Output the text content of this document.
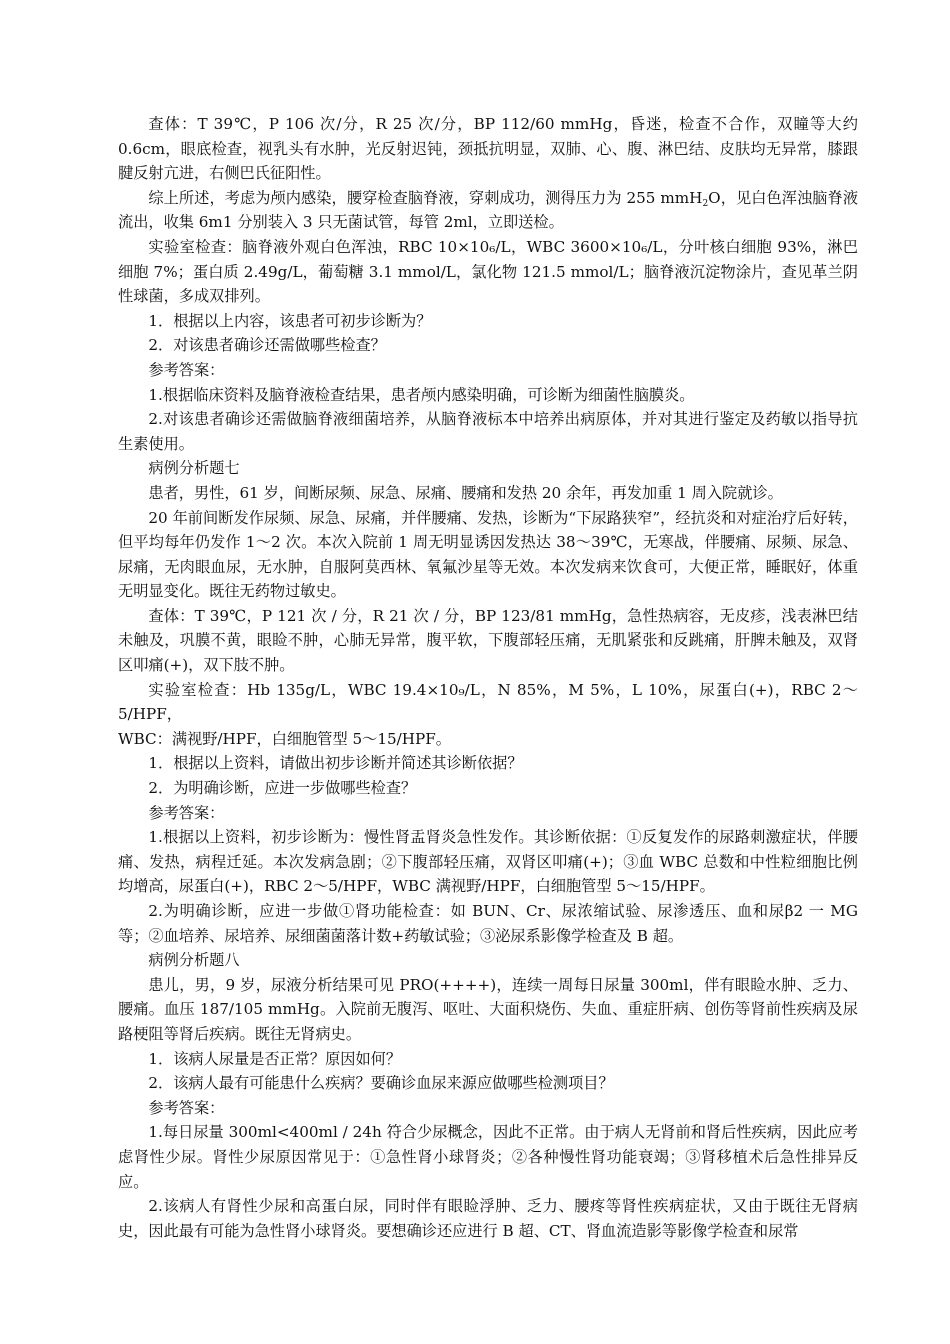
查体：T 39℃，P 106 次/分，R 25 次/分，BP 112/60 mmHg，昏迷，检查不合作，双瞳等大约 0.6cm，眼底检查，视乳头有水肿，光反射迟钝，颈抵抗明显，双肺、心、腹、淋巴结、皮肤均无异常，膝跟腱反射亢进，右侧巴氏征阳性。

综上所述，考虑为颅内感染，腰穿检查脑脊液，穿刺成功，测得压力为 255 mmH$_2$O，见白色浑浊脑脊液流出，收集 6m1 分别装入 3 只无菌试管，每管 2ml，立即送检。

实验室检查：脑脊液外观白色浑浊，RBC 10×10₆/L，WBC 3600×10₆/L，分叶核白细胞 93%，淋巴细胞 7%；蛋白质 2.49g/L，葡萄糖 3.1 mmol/L，氯化物 121.5 mmol/L；脑脊液沉淀物涂片，查见革兰阴性球菌，多成双排列。

1．根据以上内容，该患者可初步诊断为？

2．对该患者确诊还需做哪些检查？

参考答案：

1.根据临床资料及脑脊液检查结果，患者颅内感染明确，可诊断为细菌性脑膜炎。

2.对该患者确诊还需做脑脊液细菌培养，从脑脊液标本中培养出病原体，并对其进行鉴定及药敏以指导抗生素使用。

病例分析题七

患者，男性，61 岁，间断尿频、尿急、尿痛、腰痛和发热 20 余年，再发加重 1 周入院就诊。

20 年前间断发作尿频、尿急、尿痛，并伴腰痛、发热，诊断为“下尿路狭窄”，经抗炎和对症治疗后好转，但平均每年仍发作 1～2 次。本次入院前 1 周无明显诱因发热达 38～39℃，无寒战，伴腰痛、尿频、尿急、尿痛，无肉眼血尿，无水肿，自服阿莫西林、氧氟沙星等无效。本次发病来饮食可，大便正常，睡眠好，体重无明显变化。既往无药物过敏史。

查体：T 39℃，P 121 次 / 分，R 21 次 / 分，BP 123/81 mmHg，急性热病容，无皮疹，浅表淋巴结未触及，巩膜不黄，眼睑不肿，心肺无异常，腹平软，下腹部轻压痛，无肌紧张和反跳痛，肝脾未触及，双肾区叩痛(+)，双下肢不肿。

实验室检查：Hb 135g/L，WBC 19.4×10₉/L，N 85%，M 5%，L 10%，尿蛋白(+)，RBC 2～5/HPF，

WBC：满视野/HPF，白细胞管型 5～15/HPF。

1．根据以上资料，请做出初步诊断并简述其诊断依据？

2．为明确诊断，应进一步做哪些检查？

参考答案：

1.根据以上资料，初步诊断为：慢性肾盂肾炎急性发作。其诊断依据：①反复发作的尿路刺激症状，伴腰痛、发热，病程迁延。本次发病急剧；②下腹部轻压痛，双肾区叩痛(+)；③血 WBC 总数和中性粒细胞比例均增高，尿蛋白(+)，RBC 2～5/HPF，WBC 满视野/HPF，白细胞管型 5～15/HPF。

2.为明确诊断，应进一步做①肾功能检查：如 BUN、Cr、尿浓缩试验、尿渗透压、血和尿β2 一 MG 等；②血培养、尿培养、尿细菌菌落计数+药敏试验；③泌尿系影像学检查及 B 超。

病例分析题八

患儿，男，9 岁，尿液分析结果可见 PRO(++++)，连续一周每日尿量 300ml，伴有眼睑水肿、乏力、腰痛。血压 187/105 mmHg。入院前无腹泻、呕吐、大面积烧伤、失血、重症肝病、创伤等肾前性疾病及尿路梗阻等肾后疾病。既往无肾病史。

1．该病人尿量是否正常？原因如何？

2．该病人最有可能患什么疾病？要确诊血尿来源应做哪些检测项目？

参考答案：

1.每日尿量 300ml<400ml / 24h 符合少尿概念，因此不正常。由于病人无肾前和肾后性疾病，因此应考虑肾性少尿。肾性少尿原因常见于：①急性肾小球肾炎；②各种慢性肾功能衰竭；③肾移植术后急性排异反应。

2.该病人有肾性少尿和高蛋白尿，同时伴有眼睑浮肿、乏力、腰疼等肾性疾病症状，又由于既往无肾病史，因此最有可能为急性肾小球肾炎。要想确诊还应进行 B 超、CT、肾血流造影等影像学检查和尿常
